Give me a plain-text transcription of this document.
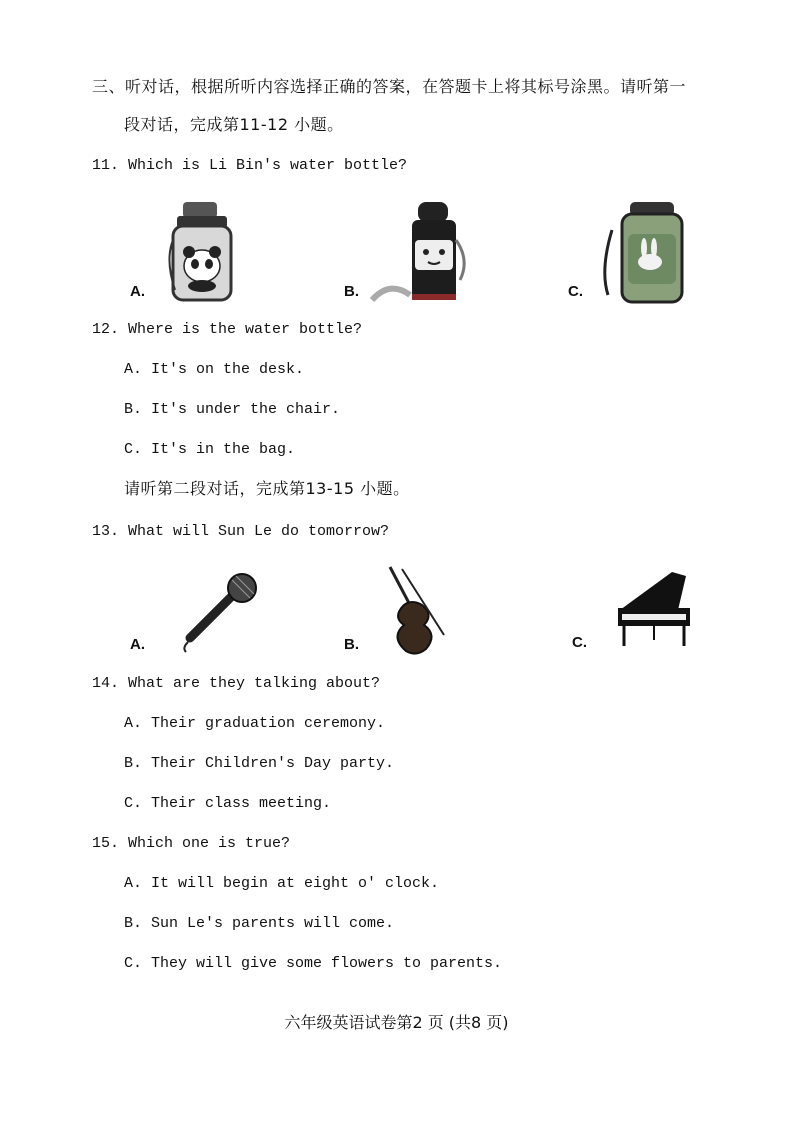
三、听对话，根据所听内容选择正确的答案，在答题卡上将其标号涂黑。请听第一
段对话，完成第11-12 小题。
11. Which is Li Bin's water bottle?
A.	B.	C.
12. Where is the water bottle?
A. It's on the desk.
B. It's under the chair.
C. It's in the bag.
请听第二段对话，完成第13-15 小题。
13. What will Sun Le do tomorrow?
A.	B.	C.
14. What are they talking about?
A. Their graduation ceremony.
B. Their Children's Day party.
C. Their class meeting.
15. Which one is true?
A. It will begin at eight o' clock.
B. Sun Le's parents will come.
C. They will give some flowers to parents.
六年级英语试卷第2 页 (共8 页)
